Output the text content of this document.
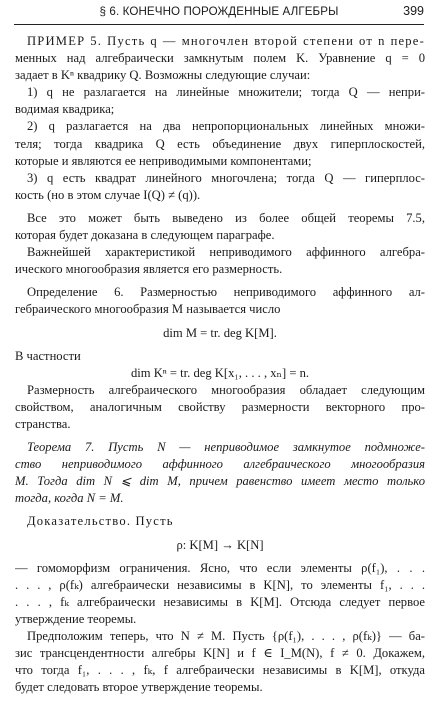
§ 6. КОНЕЧНО ПОРОЖДЕННЫЕ АЛГЕБРЫ	399
ПРИМЕР 5. Пусть q — многочлен второй степени от n пере-
менных над алгебраически замкнутым полем K. Уравнение q = 0
задает в Kⁿ квадрику Q. Возможны следующие случаи:
1) q не разлагается на линейные множители; тогда Q — непри-
водимая квадрика;
2) q разлагается на два непропорциональных линейных множи-
теля; тогда квадрика Q есть объединение двух гиперплоскостей,
которые и являются ее неприводимыми компонентами;
3) q есть квадрат линейного многочлена; тогда Q — гиперплос-
кость (но в этом случае I(Q) ≠ (q)).
Все это может быть выведено из более общей теоремы 7.5,
которая будет доказана в следующем параграфе.
Важнейшей характеристикой неприводимого аффинного алгебра-
ического многообразия является его размерность.
Определение 6. Размерностью неприводимого аффинного ал-
гебраического многообразия M называется число
dim M = tr. deg K[M].
В частности
dim Kⁿ = tr. deg K[x₁, . . . , xₙ] = n.
Размерность алгебраического многообразия обладает следующим
свойством, аналогичным свойству размерности векторного про-
странства.
Теорема 7. Пусть N — неприводимое замкнутое подмноже-
ство неприводимого аффинного алгебраического многообразия
M. Тогда dim N ⩽ dim M, причем равенство имеет место только
тогда, когда N = M.
Доказательство. Пусть
ρ: K[M] → K[N]
— гомоморфизм ограничения. Ясно, что если элементы ρ(f₁), . . .
. . . , ρ(fₖ) алгебраически независимы в K[N], то элементы f₁, . . .
. . . , fₖ алгебраически независимы в K[M]. Отсюда следует первое
утверждение теоремы.
Предположим теперь, что N ≠ M. Пусть {ρ(f₁), . . . , ρ(fₖ)} — ба-
зис трансцендентности алгебры K[N] и f ∈ I_M(N), f ≠ 0. Докажем,
что тогда f₁, . . . , fₖ, f алгебраически независимы в K[M], откуда
будет следовать второе утверждение теоремы.
